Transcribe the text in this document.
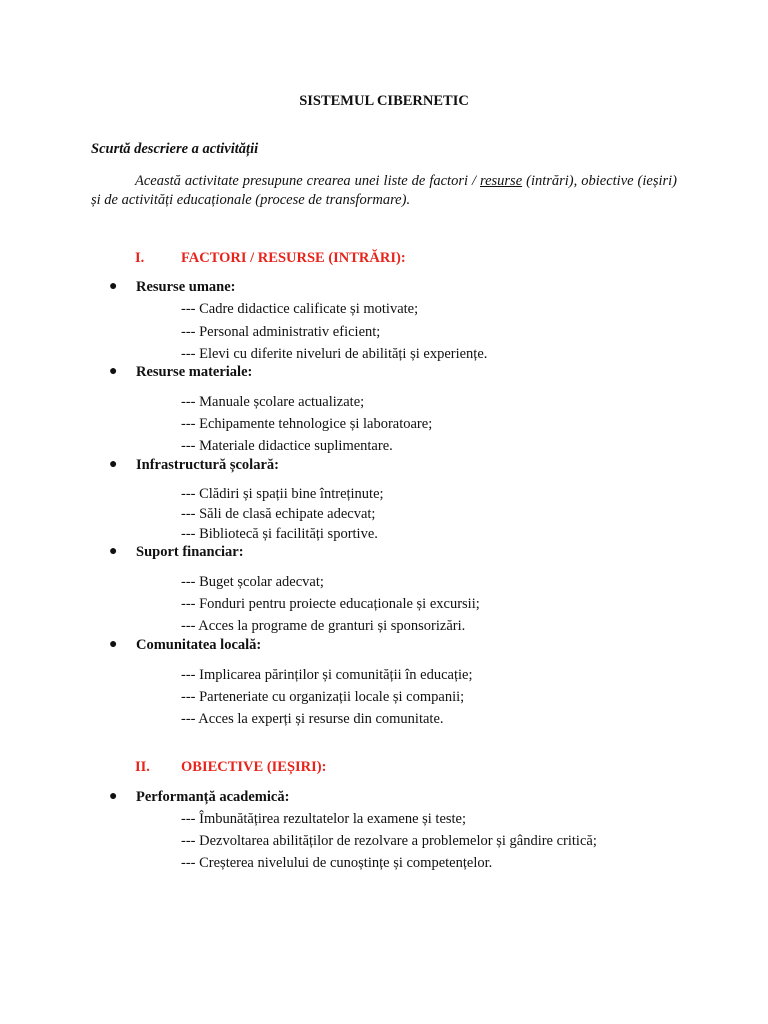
SISTEMUL CIBERNETIC
Scurtă descriere a activității
Această activitate presupune crearea unei liste de factori / resurse (intrări), obiective (ieșiri) și de activități educaționale (procese de transformare).
I.	FACTORI / RESURSE (INTRĂRI):
● Resurse umane:
--- Cadre didactice calificate și motivate;
--- Personal administrativ eficient;
--- Elevi cu diferite niveluri de abilități și experiențe.
● Resurse materiale:
--- Manuale școlare actualizate;
--- Echipamente tehnologice și laboratoare;
--- Materiale didactice suplimentare.
● Infrastructură școlară:
--- Clădiri și spații bine întreținute;
--- Săli de clasă echipate adecvat;
--- Bibliotecă și facilități sportive.
● Suport financiar:
--- Buget școlar adecvat;
--- Fonduri pentru proiecte educaționale și excursii;
--- Acces la programe de granturi și sponsorizări.
● Comunitatea locală:
--- Implicarea părinților și comunității în educație;
--- Parteneriate cu organizații locale și companii;
--- Acces la experți și resurse din comunitate.
II. OBIECTIVE (IEȘIRI):
● Performanță academică:
--- Îmbunătățirea rezultatelor la examene și teste;
--- Dezvoltarea abilităților de rezolvare a problemelor și gândire critică;
--- Creșterea nivelului de cunoștințe și competențelor.
